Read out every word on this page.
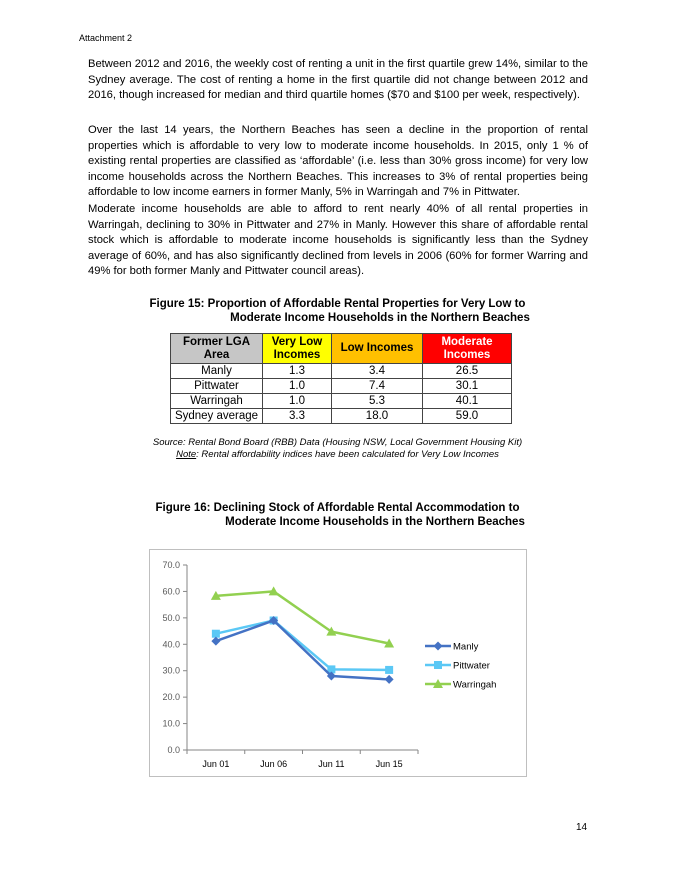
Attachment 2

Between 2012 and 2016, the weekly cost of renting a unit in the first quartile grew 14%, similar to the Sydney average. The cost of renting a home in the first quartile did not change between 2012 and 2016, though increased for median and third quartile homes ($70 and $100 per week, respectively).

Over the last 14 years, the Northern Beaches has seen a decline in the proportion of rental properties which is affordable to very low to moderate income households. In 2015, only 1 % of existing rental properties are classified as ‘affordable’ (i.e. less than 30% gross income) for very low income households across the Northern Beaches. This increases to 3% of rental properties being affordable to low income earners in former Manly, 5% in Warringah and 7% in Pittwater.

Moderate income households are able to afford to rent nearly 40% of all rental properties in Warringah, declining to 30% in Pittwater and 27% in Manly. However this share of affordable rental stock which is affordable to moderate income households is significantly less than the Sydney average of 60%, and has also significantly declined from levels in 2006 (60% for former Warring and 49% for both former Manly and Pittwater council areas).

Figure 15: Proportion of Affordable Rental Properties for Very Low to
Moderate Income Households in the Northern Beaches
Former LGA Area	Very Low Incomes	Low Incomes	Moderate Incomes
Manly	1.3	3.4	26.5
Pittwater	1.0	7.4	30.1
Warringah	1.0	5.3	40.1
Sydney average	3.3	18.0	59.0
Source: Rental Bond Board (RBB) Data (Housing NSW, Local Government Housing Kit)
Note: Rental affordability indices have been calculated for Very Low Incomes
Figure 16: Declining Stock of Affordable Rental Accommodation to
Moderate Income Households in the Northern Beaches
0.0
10.0
20.0
30.0
40.0
50.0
60.0
70.0
Jun 01	Jun 06	Jun 11	Jun 15
Manly
Pittwater
Warringah
14
